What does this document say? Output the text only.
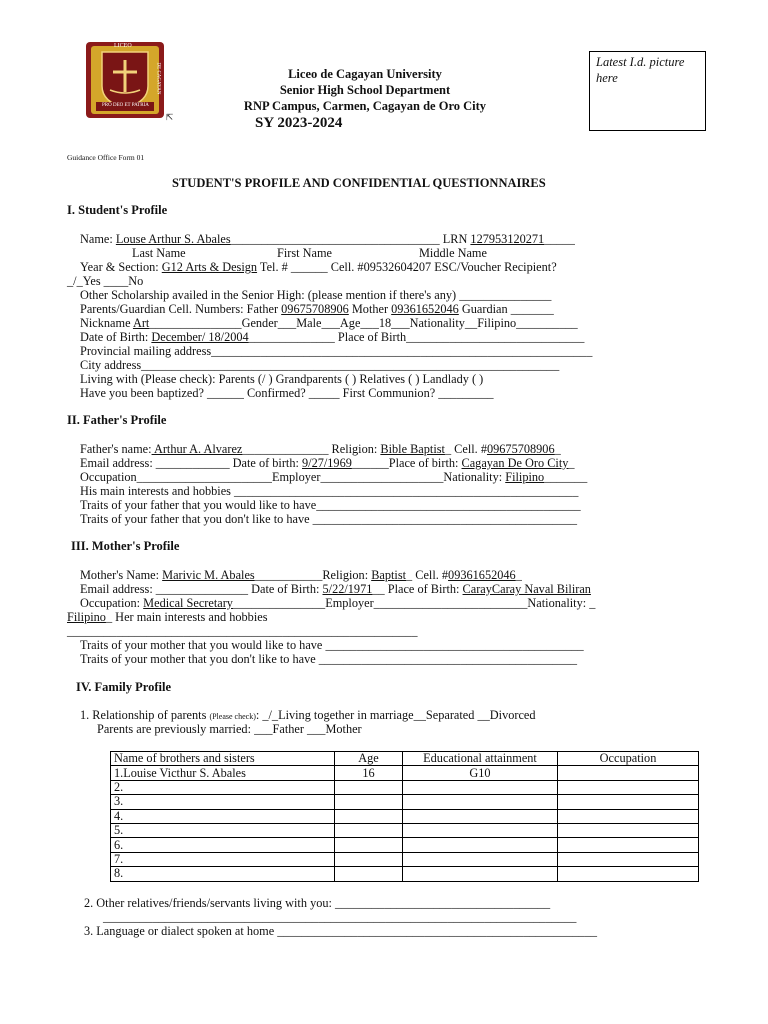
LICEO
UNIVERSITY	DE CAGAYAN
PRO DEO ET PATRIA
⇱
Liceo de Cagayan University
Senior High School Department
RNP Campus, Carmen, Cagayan de Oro City
SY 2023-2024
Latest I.d. picture here
Guidance Office Form 01
STUDENT'S PROFILE AND CONFIDENTIAL QUESTIONNAIRES
I. Student's Profile
Name: Louse Arthur S. Abales__________________________________ LRN 127953120271_____
Last Name	First Name	Middle Name
Year & Section: G12 Arts & Design Tel. # ______ Cell. #09532604207 ESC/Voucher Recipient?
_/_Yes ____No
Other Scholarship availed in the Senior High: (please mention if there's any) _______________
Parents/Guardian Cell. Numbers: Father 09675708906 Mother 09361652046 Guardian _______
Nickname Art_______________Gender___Male___Age___18___Nationality__Filipino__________
Date of Birth: December/ 18/2004______________ Place of Birth_____________________________
Provincial mailing address______________________________________________________________
City address____________________________________________________________________
Living with (Please check): Parents (/ ) Grandparents ( ) Relatives ( ) Landlady ( )
Have you been baptized? ______ Confirmed? _____ First Communion? _________
II. Father's Profile
Father's name: Arthur A. Alvarez______________ Religion: Bible Baptist_ Cell. #09675708906_
Email address: ____________ Date of birth: 9/27/1969______Place of birth: Cagayan De Oro City_
Occupation______________________Employer____________________Nationality: Filipino_______
His main interests and hobbies ________________________________________________________
Traits of your father that you would like to have___________________________________________
Traits of your father that you don't like to have ___________________________________________
III. Mother's Profile
Mother's Name: Marivic M. Abales___________Religion: Baptist_ Cell. #09361652046_
Email address: _______________ Date of Birth: 5/22/1971__ Place of Birth: CarayCaray Naval Biliran
Occupation: Medical Secretary_______________Employer_________________________Nationality: _
Filipino_ Her main interests and hobbies
_________________________________________________________
Traits of your mother that you would like to have __________________________________________
Traits of your mother that you don't like to have __________________________________________
IV. Family Profile
1. Relationship of parents (Please check): _/_Living together in marriage__Separated __Divorced
Parents are previously married: ___Father ___Mother
Name of brothers and sisters	Age	Educational attainment	Occupation
1.Louise Victhur S. Abales	16	G10	
2.			
3.			
4.			
5.			
6.			
7.			
8.			
2. Other relatives/friends/servants living with you: ___________________________________
_____________________________________________________________________________
3. Language or dialect spoken at home ____________________________________________________
